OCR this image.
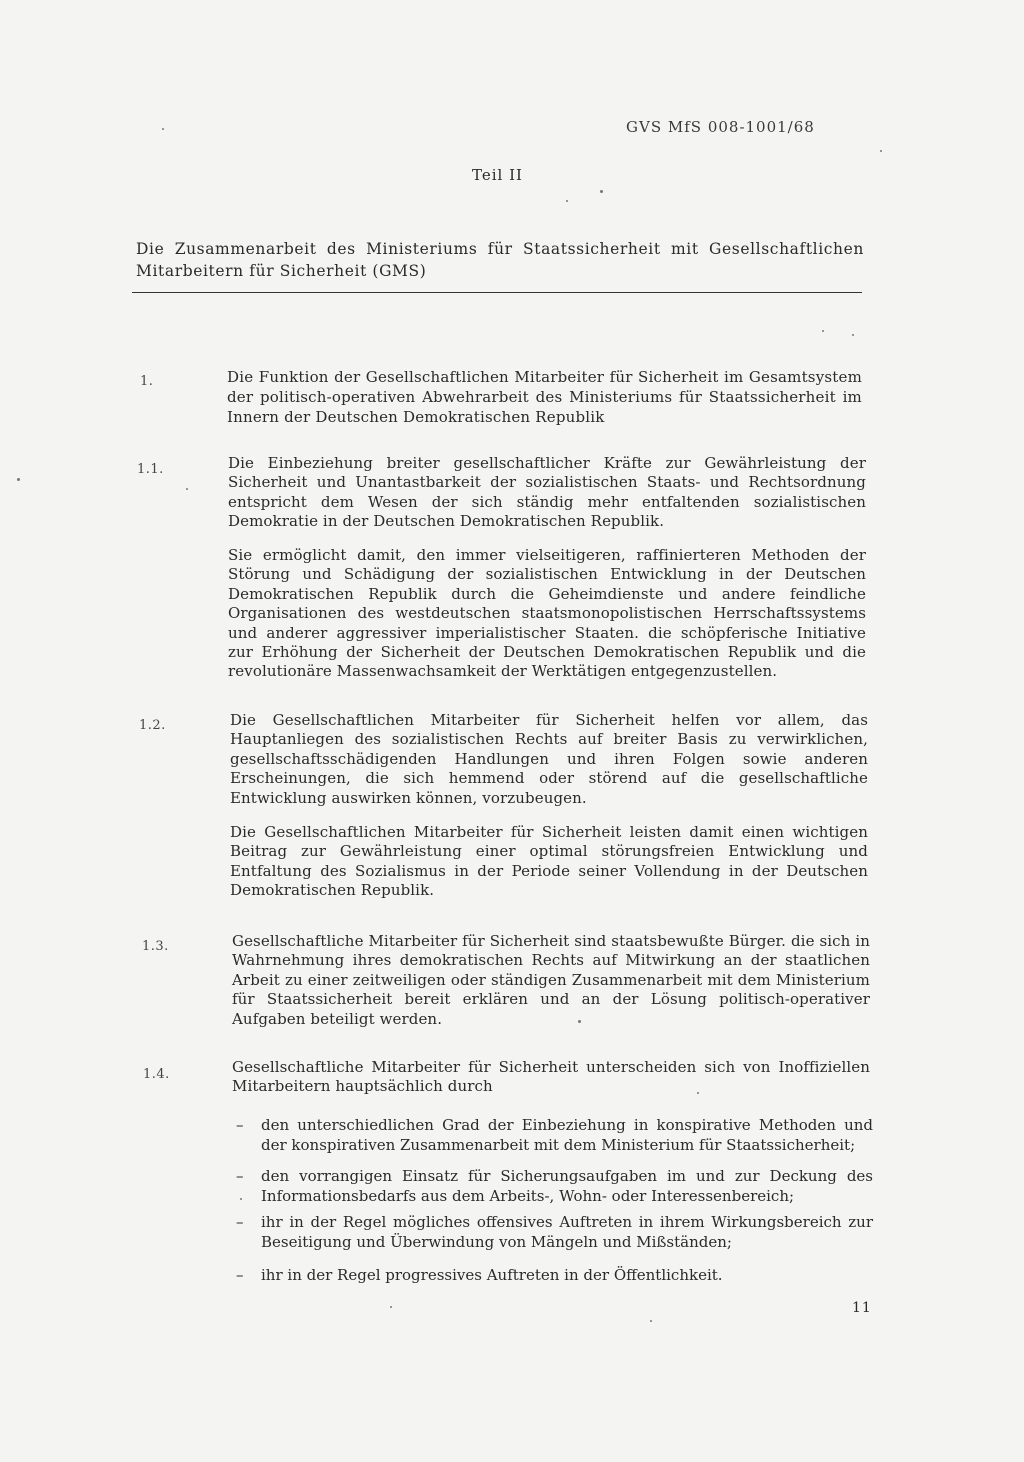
GVS MfS 008-1001/68
Teil II
Die Zusammenarbeit des Ministeriums für Staatssicherheit mit Gesellschaftlichen Mitarbeitern für Sicherheit (GMS)
1.	Die Funktion der Gesellschaftlichen Mitarbeiter für Sicherheit im Gesamtsystem der politisch-operativen Abwehrarbeit des Ministeriums für Staatssicherheit im Innern der Deutschen Demokratischen Republik
1.1.	Die Einbeziehung breiter gesellschaftlicher Kräfte zur Gewährleistung der Sicherheit und Unantastbarkeit der sozialistischen Staats- und Rechtsordnung entspricht dem Wesen der sich ständig mehr entfaltenden sozialistischen Demokratie in der Deutschen Demokratischen Republik.
Sie ermöglicht damit, den immer vielseitigeren, raffinierteren Methoden der Störung und Schädigung der sozialistischen Entwicklung in der Deutschen Demokratischen Republik durch die Geheimdienste und andere feindliche Organisationen des westdeutschen staatsmonopolistischen Herrschaftssystems und anderer aggressiver imperialistischer Staaten. die schöpferische Initiative zur Erhöhung der Sicherheit der Deutschen Demokratischen Republik und die revolutionäre Massenwachsamkeit der Werktätigen entgegenzustellen.
1.2.	Die Gesellschaftlichen Mitarbeiter für Sicherheit helfen vor allem, das Hauptanliegen des sozialistischen Rechts auf breiter Basis zu verwirklichen, gesellschaftsschädigenden Handlungen und ihren Folgen sowie anderen Erscheinungen, die sich hemmend oder störend auf die gesellschaftliche Entwicklung auswirken können, vorzubeugen.
Die Gesellschaftlichen Mitarbeiter für Sicherheit leisten damit einen wichtigen Beitrag zur Gewährleistung einer optimal störungsfreien Entwicklung und Entfaltung des Sozialismus in der Periode seiner Vollendung in der Deutschen Demokratischen Republik.
1.3.	Gesellschaftliche Mitarbeiter für Sicherheit sind staatsbewußte Bürger. die sich in Wahrnehmung ihres demokratischen Rechts auf Mitwirkung an der staatlichen Arbeit zu einer zeitweiligen oder ständigen Zusammenarbeit mit dem Ministerium für Staatssicherheit bereit erklären und an der Lösung politisch-operativer Aufgaben beteiligt werden.
1.4.	Gesellschaftliche Mitarbeiter für Sicherheit unterscheiden sich von Inoffiziellen Mitarbeitern hauptsächlich durch
–	den unterschiedlichen Grad der Einbeziehung in konspirative Methoden und der konspirativen Zusammenarbeit mit dem Ministerium für Staatssicherheit;
–	den vorrangigen Einsatz für Sicherungsaufgaben im und zur Deckung des Informationsbedarfs aus dem Arbeits-, Wohn- oder Interessenbereich;
–	ihr in der Regel mögliches offensives Auftreten in ihrem Wirkungsbereich zur Beseitigung und Überwindung von Mängeln und Mißständen;
–	ihr in der Regel progressives Auftreten in der Öffentlichkeit.
11
